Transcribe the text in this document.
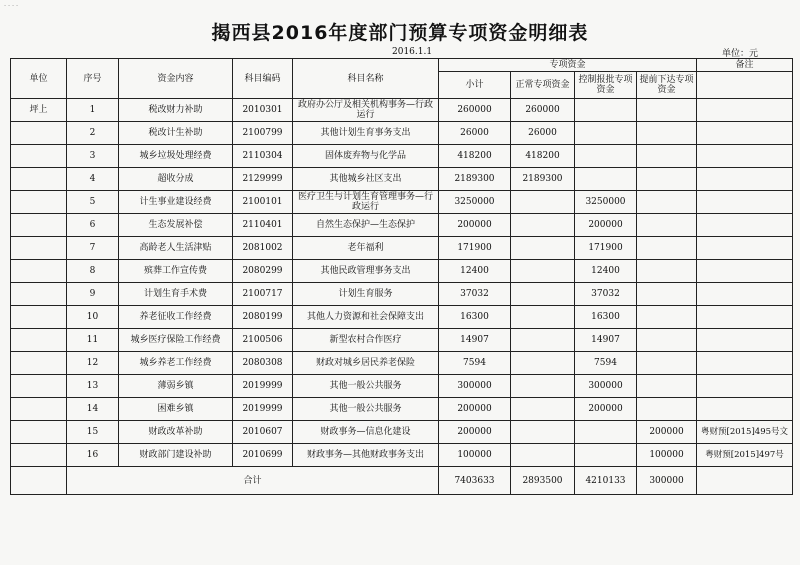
ᐧ ᐧ ᐧ ᐧ
揭西县2016年度部门预算专项资金明细表
2016.1.1	单位：元
单位	序号	资金内容	科目编码	科目名称	专项资金				备注
					小计	正常专项资金	控制报批专项资金	提前下达专项资金	
坪上	1	税改财力补助	2010301	政府办公厅及相关机构事务—行政运行	260000	260000			
	2	税改计生补助	2100799	其他计划生育事务支出	26000	26000			
	3	城乡垃圾处理经费	2110304	固体废弃物与化学品	418200	418200			
	4	超收分成	2129999	其他城乡社区支出	2189300	2189300			
	5	计生事业建设经费	2100101	医疗卫生与计划生育管理事务—行政运行	3250000		3250000		
	6	生态发展补偿	2110401	自然生态保护—生态保护	200000		200000		
	7	高龄老人生活津贴	2081002	老年福利	171900		171900		
	8	殡葬工作宣传费	2080299	其他民政管理事务支出	12400		12400		
	9	计划生育手术费	2100717	计划生育服务	37032		37032		
	10	养老征收工作经费	2080199	其他人力资源和社会保障支出	16300		16300		
	11	城乡医疗保险工作经费	2100506	新型农村合作医疗	14907		14907		
	12	城乡养老工作经费	2080308	财政对城乡居民养老保险	7594		7594		
	13	薄弱乡镇	2019999	其他一般公共服务	300000		300000		
	14	困难乡镇	2019999	其他一般公共服务	200000		200000		
	15	财政改革补助	2010607	财政事务—信息化建设	200000			200000	粤财预[2015]495号文
	16	财政部门建设补助	2010699	财政事务—其他财政事务支出	100000			100000	粤财预[2015]497号
	合计				7403633	2893500	4210133	300000	
